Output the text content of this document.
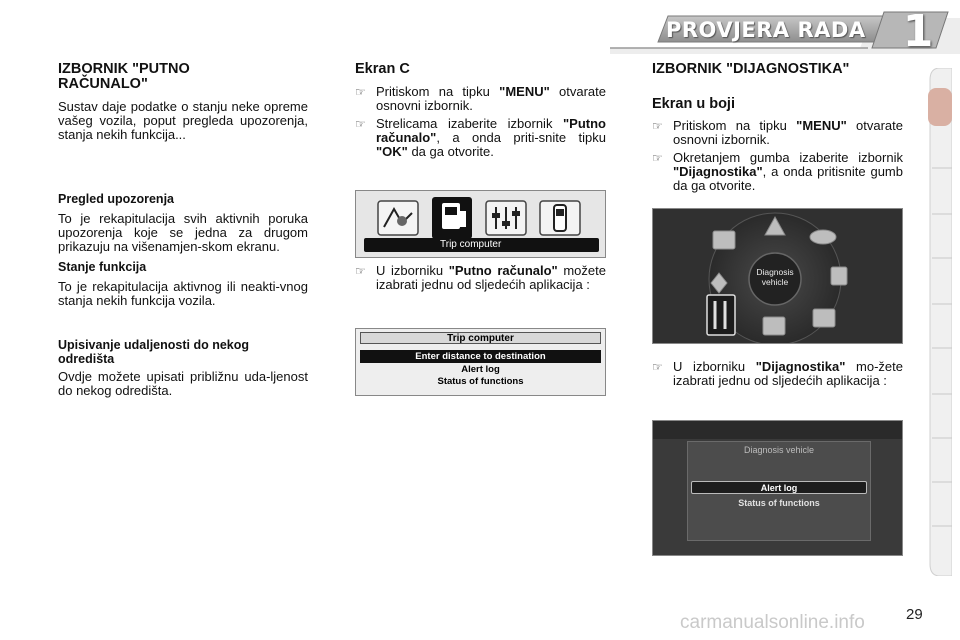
PROVJERA RADA 1
IZBORNIK "PUTNO RAČUNALO"
Sustav daje podatke o stanju neke opreme vašeg vozila, poput pregleda upozorenja, stanja nekih funkcija...
Pregled upozorenja
To je rekapitulacija svih aktivnih poruka upozorenja koje se jedna za drugom prikazuju na višenamjen-skom ekranu.
Stanje funkcija
To je rekapitulacija aktivnog ili neakti-vnog stanja nekih funkcija vozila.
Upisivanje udaljenosti do nekog odredišta
Ovdje možete upisati približnu uda-ljenost do nekog odredišta.
Ekran C
☞ Pritiskom na tipku "MENU" otvarate osnovni izbornik.
☞ Strelicama izaberite izbornik "Putno računalo", a onda priti-snite tipku "OK" da ga otvorite.
Trip computer
☞ U izborniku "Putno računalo" možete izabrati jednu od sljedećih aplikacija :
Trip computer
Enter distance to destination
Alert log
Status of functions
IZBORNIK "DIJAGNOSTIKA"
Ekran u boji
☞ Pritiskom na tipku "MENU" otvarate osnovni izbornik.
☞ Okretanjem gumba izaberite izbornik "Dijagnostika", a onda pritisnite gumb da ga otvorite.
Diagnosis vehicle
☞ U izborniku "Dijagnostika" mo-žete izabrati jednu od sljedećih aplikacija :
Diagnosis vehicle
Alert log
Status of functions
carmanualsonline.info	29
